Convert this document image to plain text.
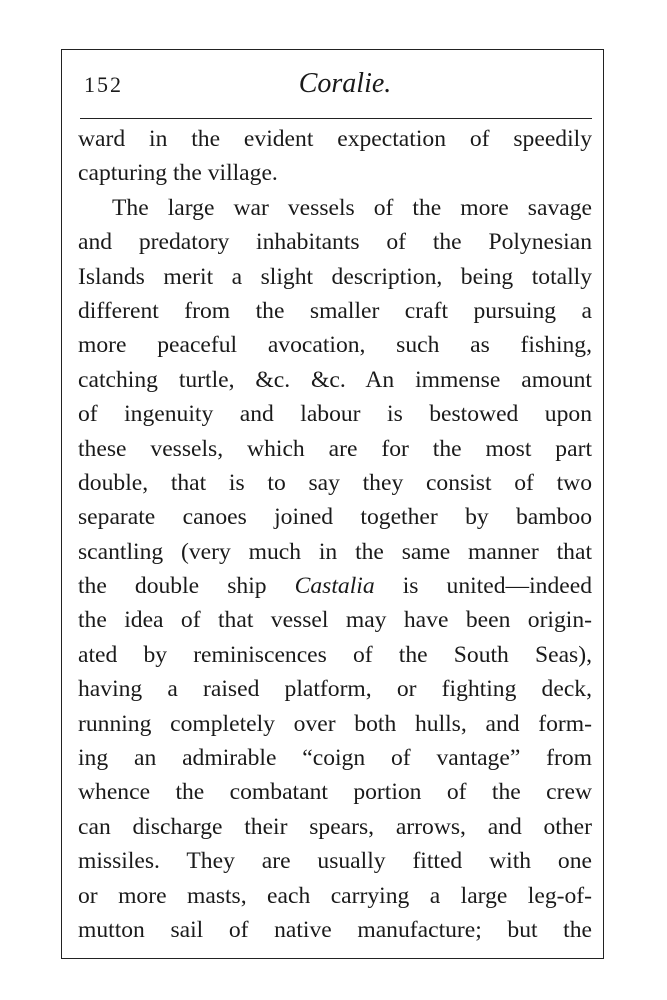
152	Coralie.
ward in the evident expectation of speedily
capturing the village.
The large war vessels of the more savage
and predatory inhabitants of the Polynesian
Islands merit a slight description, being totally
different from the smaller craft pursuing a
more peaceful avocation, such as fishing,
catching turtle, &c. &c. An immense amount
of ingenuity and labour is bestowed upon
these vessels, which are for the most part
double, that is to say they consist of two
separate canoes joined together by bamboo
scantling (very much in the same manner that
the double ship Castalia is united—indeed
the idea of that vessel may have been origin-
ated by reminiscences of the South Seas),
having a raised platform, or fighting deck,
running completely over both hulls, and form-
ing an admirable “coign of vantage” from
whence the combatant portion of the crew
can discharge their spears, arrows, and other
missiles. They are usually fitted with one
or more masts, each carrying a large leg-of-
mutton sail of native manufacture; but the
